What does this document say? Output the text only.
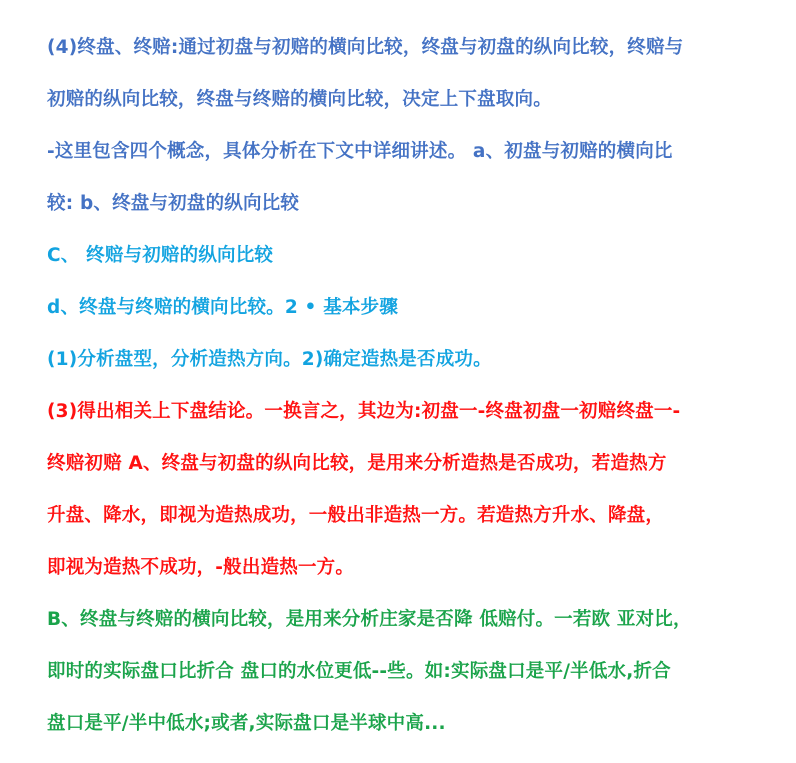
(4)终盘、终赔:通过初盘与初赔的横向比较，终盘与初盘的纵向比较，终赔与
初赔的纵向比较，终盘与终赔的横向比较，决定上下盘取向。
-这里包含四个概念，具体分析在下文中详细讲述。 a、初盘与初赔的横向比
较: b、终盘与初盘的纵向比较
C、 终赔与初赔的纵向比较
d、终盘与终赔的横向比较。2 • 基本步骤
(1)分析盘型，分析造热方向。2)确定造热是否成功。
(3)得出相关上下盘结论。一换言之，其边为:初盘一-终盘初盘一初赔终盘一-
终赔初赔 A、终盘与初盘的纵向比较，是用来分析造热是否成功，若造热方
升盘、降水，即视为造热成功，一般出非造热一方。若造热方升水、降盘，
即视为造热不成功，-般出造热一方。
B、终盘与终赔的横向比较，是用来分析庄家是否降 低赔付。一若欧 亚对比，
即时的实际盘口比折合 盘口的水位更低--些。如:实际盘口是平/半低水,折合
盘口是平/半中低水;或者,实际盘口是半球中高...
